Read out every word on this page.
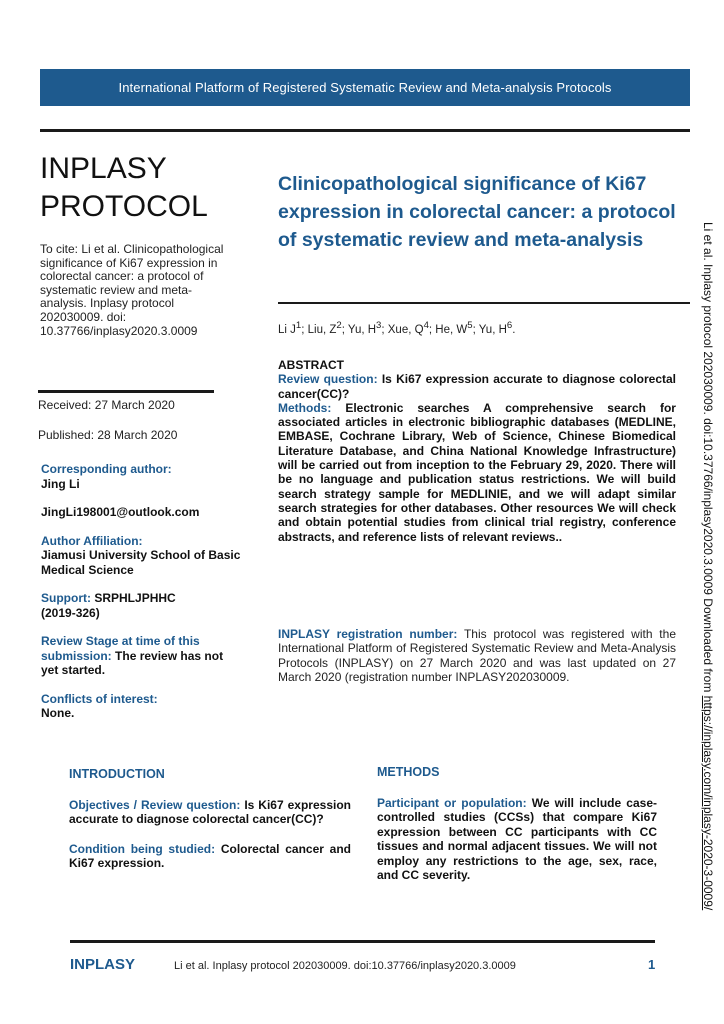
International Platform of Registered Systematic Review and Meta-analysis Protocols
INPLASY
PROTOCOL
To cite: Li et al. Clinicopathological significance of Ki67 expression in colorectal cancer: a protocol of systematic review and meta-analysis. Inplasy protocol 202030009. doi: 10.37766/inplasy2020.3.0009
Received: 27 March 2020
Published: 28 March 2020
Corresponding author:
Jing Li
JingLi198001@outlook.com
Author Affiliation:
Jiamusi University School of Basic Medical Science
Support: SRPHLJPHHC
(2019-326)
Review Stage at time of this submission: The review has not yet started.
Conflicts of interest:
None.
Clinicopathological significance of Ki67 expression in colorectal cancer: a protocol of systematic review and meta-analysis
Li $J^1$; Liu, $Z^2$; Yu, $H^3$; Xue, $Q^4$; He, $W^5$; Yu, $H^6$.

ABSTRACT

Review question: Is Ki67 expression accurate to diagnose colorectal cancer(CC)?

Methods: Electronic searches A comprehensive search for associated articles in electronic bibliographic databases (MEDLINE, EMBASE, Cochrane Library, Web of Science, Chinese Biomedical Literature Database, and China National Knowledge Infrastructure) will be carried out from inception to the February 29, 2020. There will be no language and publication status restrictions. We will build search strategy sample for MEDLINIE, and we will adapt similar search strategies for other databases. Other resources We will check and obtain potential studies from clinical trial registry, conference abstracts, and reference lists of relevant reviews..

INPLASY registration number: This protocol was registered with the International Platform of Registered Systematic Review and Meta-Analysis Protocols (INPLASY) on 27 March 2020 and was last updated on 27 March 2020 (registration number INPLASY202030009.
INTRODUCTION

Objectives / Review question: Is Ki67 expression accurate to diagnose colorectal cancer(CC)?

Condition being studied: Colorectal cancer and Ki67 expression.

METHODS

Participant or population: We will include case-controlled studies (CCSs) that compare Ki67 expression between CC participants with CC tissues and normal adjacent tissues. We will not employ any restrictions to the age, sex, race, and CC severity.

INPLASY	Li et al. Inplasy protocol 202030009. doi:10.37766/inplasy2020.3.0009	1
Li et al. Inplasy protocol 202030009. doi:10.37766/inplasy2020.3.0009 Downloaded from https://inplasy.com/inplasy-2020-3-0009/
